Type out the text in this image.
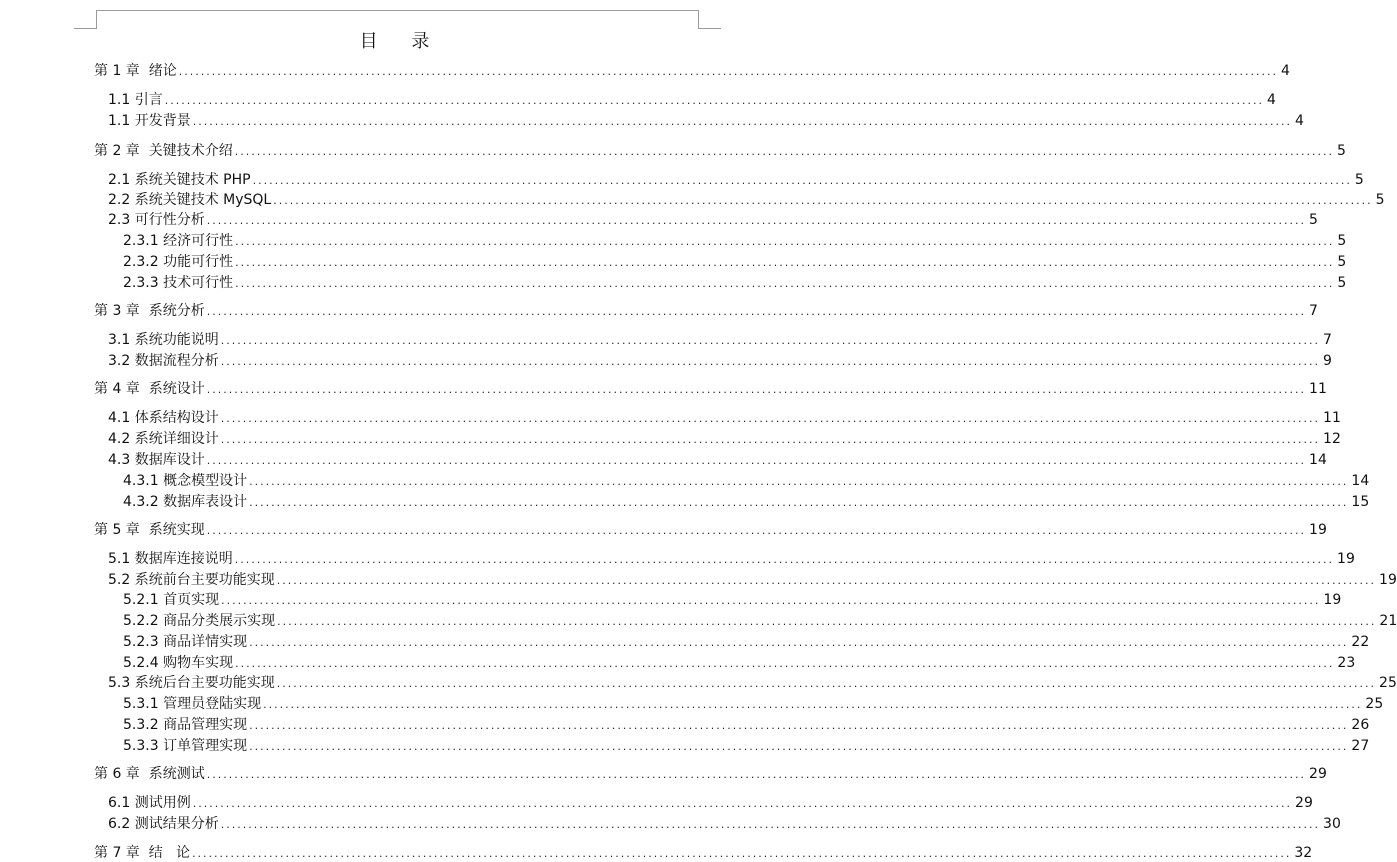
目 录
第 1 章  绪论 ........................................................................................................................................................................................................ 4
1.1 引言 ........................................................................................................................................................................................................ 4
1.1 开发背景 ........................................................................................................................................................................................................ 4
第 2 章  关键技术介绍 ........................................................................................................................................................................................................ 5
2.1 系统关键技术 PHP ........................................................................................................................................................................................................ 5
2.2 系统关键技术 MySQL ........................................................................................................................................................................................................ 5
2.3 可行性分析 ........................................................................................................................................................................................................ 5
2.3.1 经济可行性 ........................................................................................................................................................................................................ 5
2.3.2 功能可行性 ........................................................................................................................................................................................................ 5
2.3.3 技术可行性 ........................................................................................................................................................................................................ 5
第 3 章  系统分析 ........................................................................................................................................................................................................ 7
3.1 系统功能说明 ........................................................................................................................................................................................................ 7
3.2 数据流程分析 ........................................................................................................................................................................................................ 9
第 4 章  系统设计 ........................................................................................................................................................................................................ 11
4.1 体系结构设计 ........................................................................................................................................................................................................ 11
4.2 系统详细设计 ........................................................................................................................................................................................................ 12
4.3 数据库设计 ........................................................................................................................................................................................................ 14
4.3.1 概念模型设计 ........................................................................................................................................................................................................ 14
4.3.2 数据库表设计 ........................................................................................................................................................................................................ 15
第 5 章  系统实现 ........................................................................................................................................................................................................ 19
5.1 数据库连接说明 ........................................................................................................................................................................................................ 19
5.2 系统前台主要功能实现 ........................................................................................................................................................................................................ 19
5.2.1 首页实现 ........................................................................................................................................................................................................ 19
5.2.2 商品分类展示实现 ........................................................................................................................................................................................................ 21
5.2.3 商品详情实现 ........................................................................................................................................................................................................ 22
5.2.4 购物车实现 ........................................................................................................................................................................................................ 23
5.3 系统后台主要功能实现 ........................................................................................................................................................................................................ 25
5.3.1 管理员登陆实现 ........................................................................................................................................................................................................ 25
5.3.2 商品管理实现 ........................................................................................................................................................................................................ 26
5.3.3 订单管理实现 ........................................................................................................................................................................................................ 27
第 6 章  系统测试 ........................................................................................................................................................................................................ 29
6.1 测试用例 ........................................................................................................................................................................................................ 29
6.2 测试结果分析 ........................................................................................................................................................................................................ 30
第 7 章  结   论 ........................................................................................................................................................................................................ 32
